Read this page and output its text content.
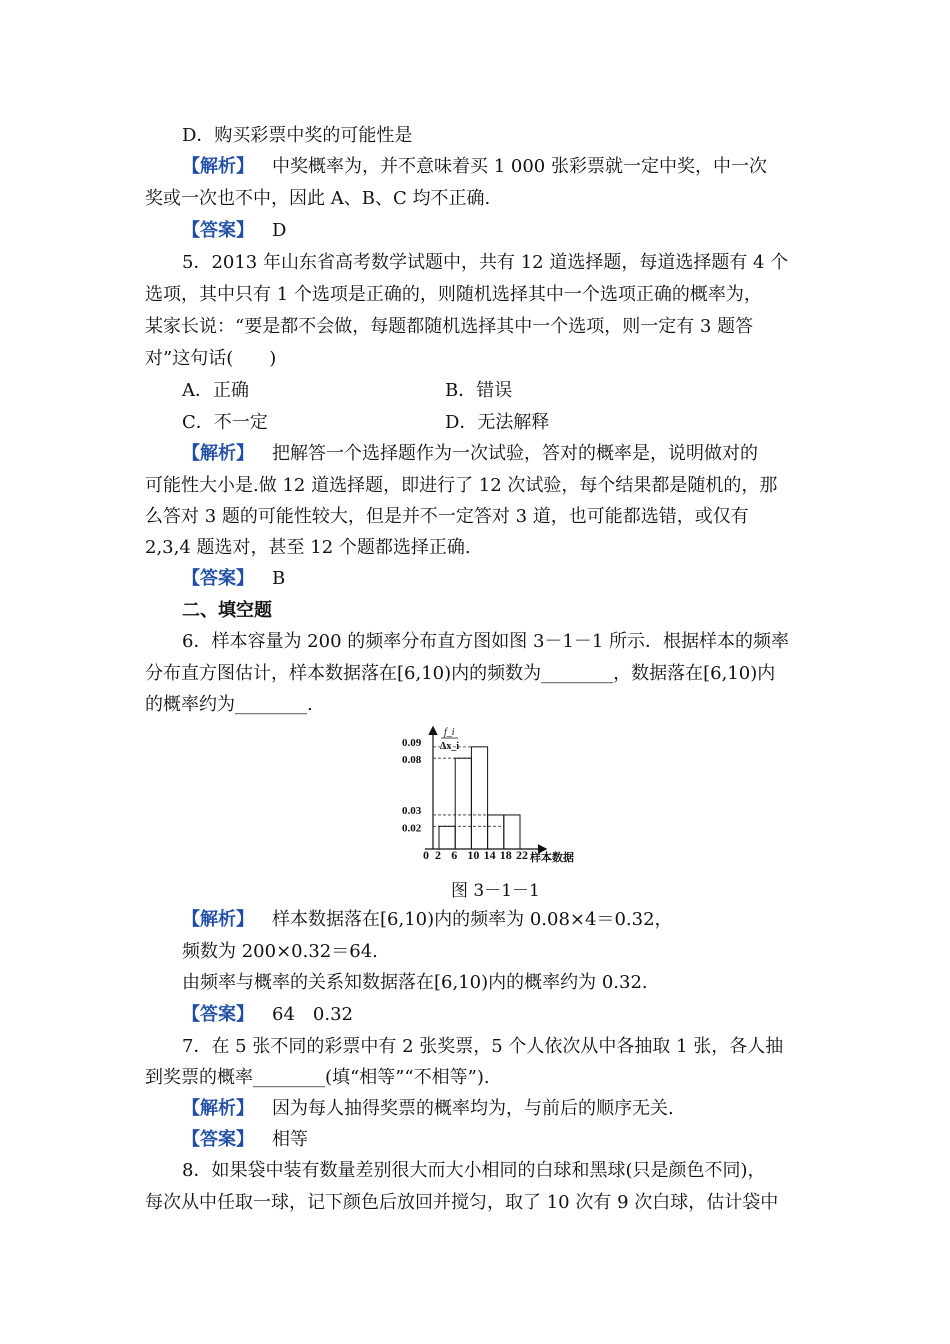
D．购买彩票中奖的可能性是
【解析】 中奖概率为，并不意味着买 1 000 张彩票就一定中奖，中一次
奖或一次也不中，因此 A、B、C 均不正确.
【答案】 D
5．2013 年山东省高考数学试题中，共有 12 道选择题，每道选择题有 4 个
选项，其中只有 1 个选项是正确的，则随机选择其中一个选项正确的概率为，
某家长说：“要是都不会做，每题都随机选择其中一个选项，则一定有 3 题答
对”这句话(　　)
A．正确	B．错误
C．不一定	D．无法解释
【解析】 把解答一个选择题作为一次试验，答对的概率是，说明做对的
可能性大小是.做 12 道选择题，即进行了 12 次试验，每个结果都是随机的，那
么答对 3 题的可能性较大，但是并不一定答对 3 道，也可能都选错，或仅有
2,3,4 题选对，甚至 12 个题都选择正确.
【答案】 B
二、填空题
6．样本容量为 200 的频率分布直方图如图 3－1－1 所示．根据样本的频率
分布直方图估计，样本数据落在[6,10)内的频数为________，数据落在[6,10)内
的概率约为________.
f_i
Δx_i
0.09
0.08
0.03
0.02
2 6 10 14 18 22
0	样本数据
图 3－1－1
【解析】 样本数据落在[6,10)内的频率为 0.08×4＝0.32，
频数为 200×0.32＝64.
由频率与概率的关系知数据落在[6,10)内的概率约为 0.32.
【答案】 64　0.32
7．在 5 张不同的彩票中有 2 张奖票，5 个人依次从中各抽取 1 张，各人抽
到奖票的概率________(填“相等”“不相等”).
【解析】 因为每人抽得奖票的概率均为，与前后的顺序无关.
【答案】 相等
8．如果袋中装有数量差别很大而大小相同的白球和黑球(只是颜色不同)，
每次从中任取一球，记下颜色后放回并搅匀，取了 10 次有 9 次白球，估计袋中
